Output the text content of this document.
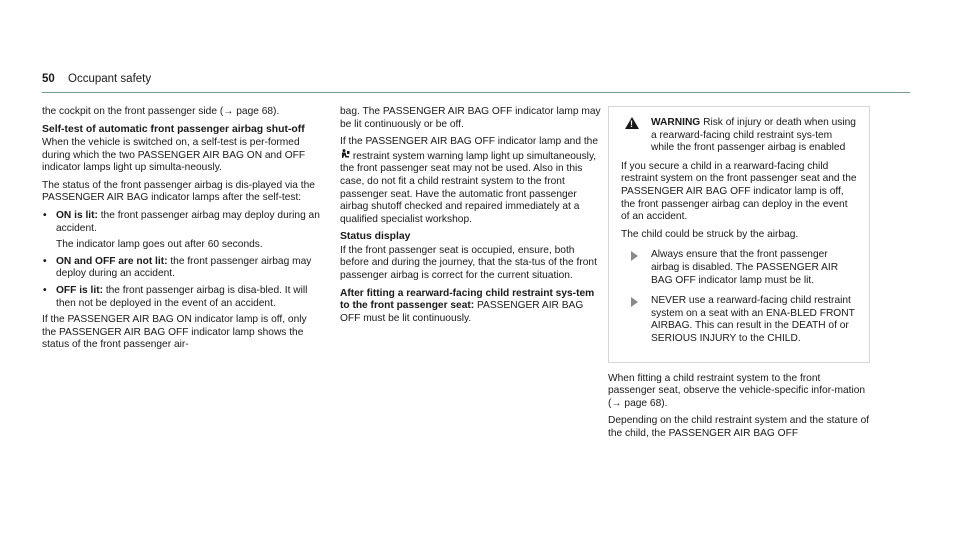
50 Occupant safety

the cockpit on the front passenger side (→ page 68).

Self-test of automatic front passenger airbag shut-off

When the vehicle is switched on, a self-test is per-formed during which the two PASSENGER AIR BAG ON and OFF indicator lamps light up simulta-neously.

The status of the front passenger airbag is dis-played via the PASSENGER AIR BAG indicator lamps after the self-test:

• ON is lit: the front passenger airbag may deploy during an accident.
The indicator lamp goes out after 60 seconds.
• ON and OFF are not lit: the front passenger airbag may deploy during an accident.
• OFF is lit: the front passenger airbag is disa-bled. It will then not be deployed in the event of an accident.

If the PASSENGER AIR BAG ON indicator lamp is off, only the PASSENGER AIR BAG OFF indicator lamp shows the status of the front passenger air-

bag. The PASSENGER AIR BAG OFF indicator lamp may be lit continuously or be off.

If the PASSENGER AIR BAG OFF indicator lamp and the  restraint system warning lamp light up simultaneously, the front passenger seat may not be used. Also in this case, do not fit a child restraint system to the front passenger seat. Have the automatic front passenger airbag shutoff checked and repaired immediately at a qualified specialist workshop.

Status display

If the front passenger seat is occupied, ensure, both before and during the journey, that the sta-tus of the front passenger airbag is correct for the current situation.

After fitting a rearward-facing child restraint sys-tem to the front passenger seat: PASSENGER AIR BAG OFF must be lit continuously.

!
WARNING Risk of injury or death when using a rearward-facing child restraint sys-tem while the front passenger airbag is enabled

If you secure a child in a rearward-facing child restraint system on the front passenger seat and the PASSENGER AIR BAG OFF indicator lamp is off, the front passenger airbag can deploy in the event of an accident.

The child could be struck by the airbag.

Always ensure that the front passenger airbag is disabled. The PASSENGER AIR BAG OFF indicator lamp must be lit.
NEVER use a rearward-facing child restraint system on a seat with an ENA-BLED FRONT AIRBAG. This can result in the DEATH of or SERIOUS INJURY to the CHILD.

When fitting a child restraint system to the front passenger seat, observe the vehicle-specific infor-mation (→ page 68).

Depending on the child restraint system and the stature of the child, the PASSENGER AIR BAG OFF
